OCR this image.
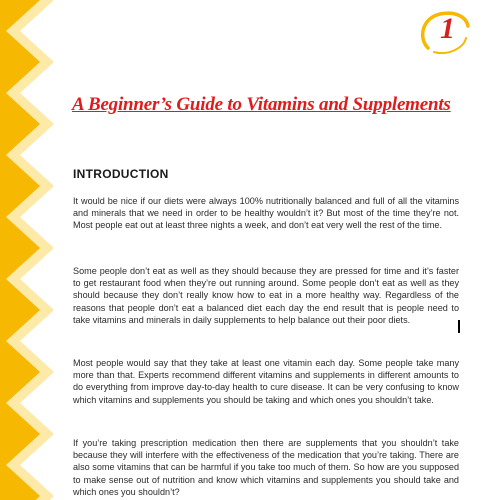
1
A Beginner’s Guide to Vitamins and Supplements
INTRODUCTION

It would be nice if our diets were always 100% nutritionally balanced and full of all the vitamins and minerals that we need in order to be healthy wouldn’t it? But most of the time they’re not. Most people eat out at least three nights a week, and don’t eat very well the rest of the time.

Some people don’t eat as well as they should because they are pressed for time and it’s faster to get restaurant food when they’re out running around. Some people don’t eat as well as they should because they don’t really know how to eat in a more healthy way. Regardless of the reasons that people don’t eat a balanced diet each day the end result that is people need to take vitamins and minerals in daily supplements to help balance out their poor diets.

Most people would say that they take at least one vitamin each day. Some people take many more than that. Experts recommend different vitamins and supplements in different amounts to do everything from improve day-to-day health to cure disease. It can be very confusing to know which vitamins and supplements you should be taking and which ones you shouldn’t take.

If you’re taking prescription medication then there are supplements that you shouldn’t take because they will interfere with the effectiveness of the medication that you’re taking. There are also some vitamins that can be harmful if you take too much of them. So how are you supposed to make sense out of nutrition and know which vitamins and supplements you should take and which ones you shouldn’t?
